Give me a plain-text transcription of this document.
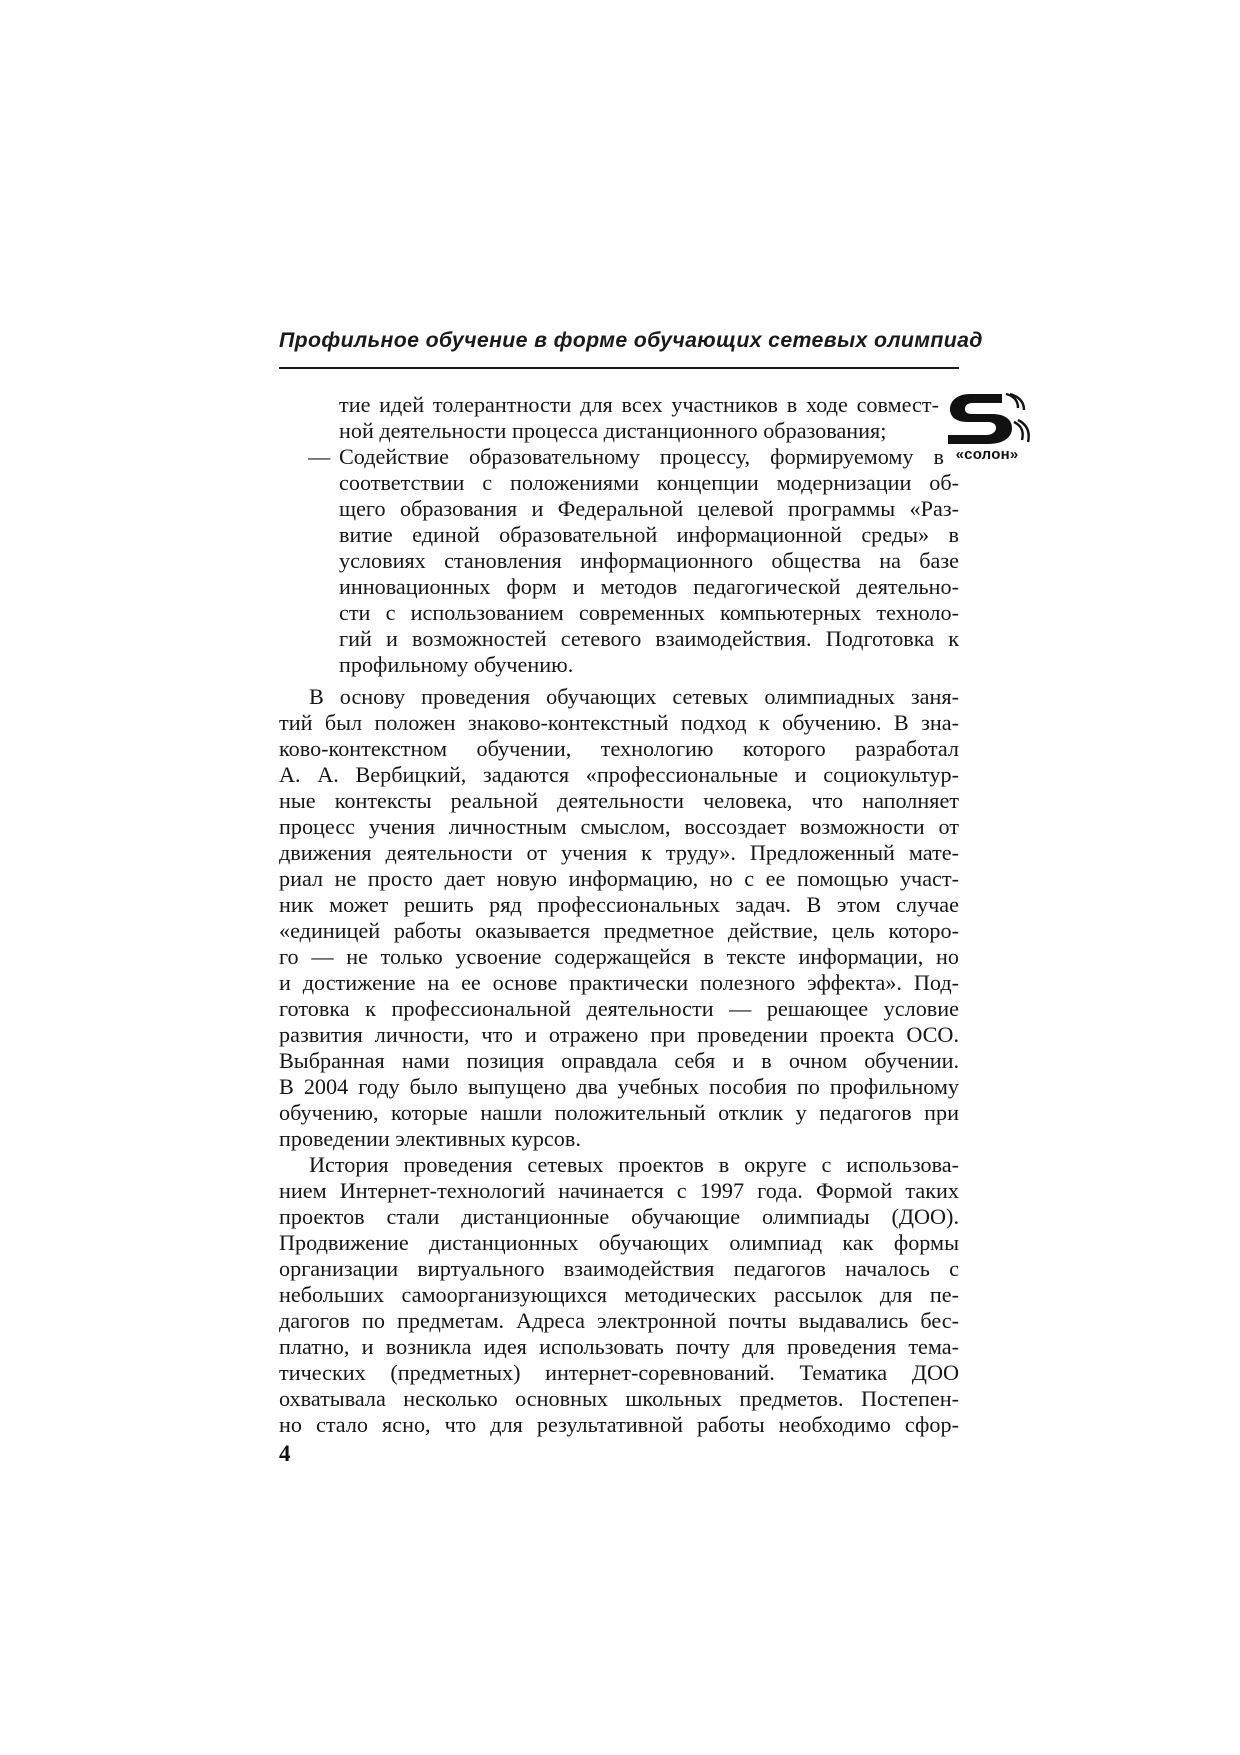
Профильное обучение в форме обучающих сетевых олимпиад
«солон»
тие идей толерантности для всех участников в ходе совмест-
ной деятельности процесса дистанционного образования;
— Содействие образовательному процессу, формируемому в
соответствии с положениями концепции модернизации об-
щего образования и Федеральной целевой программы «Раз-
витие единой образовательной информационной среды» в
условиях становления информационного общества на базе
инновационных форм и методов педагогической деятельно-
сти с использованием современных компьютерных техноло-
гий и возможностей сетевого взаимодействия. Подготовка к
профильному обучению.
В основу проведения обучающих сетевых олимпиадных заня-
тий был положен знаково-контекстный подход к обучению. В зна-
ково-контекстном обучении, технологию которого разработал
А. А. Вербицкий, задаются «профессиональные и социокультур-
ные контексты реальной деятельности человека, что наполняет
процесс учения личностным смыслом, воссоздает возможности от
движения деятельности от учения к труду». Предложенный мате-
риал не просто дает новую информацию, но с ее помощью участ-
ник может решить ряд профессиональных задач. В этом случае
«единицей работы оказывается предметное действие, цель которо-
го — не только усвоение содержащейся в тексте информации, но
и достижение на ее основе практически полезного эффекта». Под-
готовка к профессиональной деятельности — решающее условие
развития личности, что и отражено при проведении проекта ОСО.
Выбранная нами позиция оправдала себя и в очном обучении.
В 2004 году было выпущено два учебных пособия по профильному
обучению, которые нашли положительный отклик у педагогов при
проведении элективных курсов.
История проведения сетевых проектов в округе с использова-
нием Интернет-технологий начинается с 1997 года. Формой таких
проектов стали дистанционные обучающие олимпиады (ДОО).
Продвижение дистанционных обучающих олимпиад как формы
организации виртуального взаимодействия педагогов началось с
небольших самоорганизующихся методических рассылок для пе-
дагогов по предметам. Адреса электронной почты выдавались бес-
платно, и возникла идея использовать почту для проведения тема-
тических (предметных) интернет-соревнований. Тематика ДОО
охватывала несколько основных школьных предметов. Постепен-
но стало ясно, что для результативной работы необходимо сфор-
4
